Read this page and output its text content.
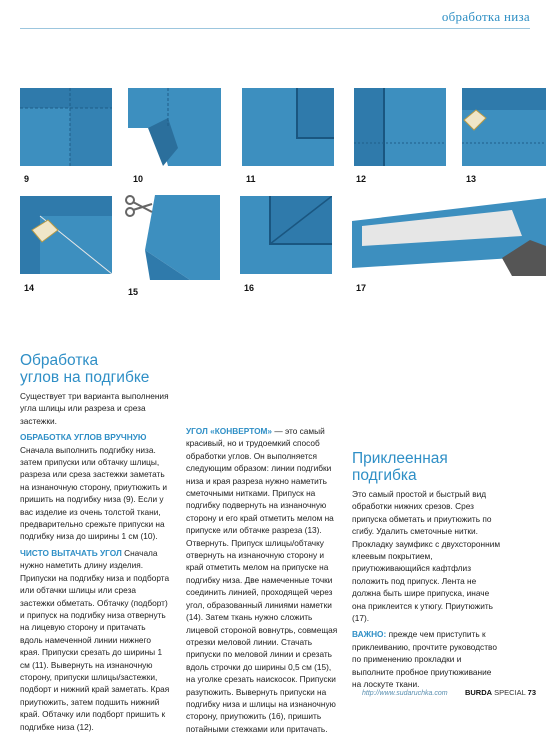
обработка низа
9	10	11	12	13
14	15	16	17
Обработка
углов на подгибке

Существует три варианта выполнения угла шлицы или разреза и среза застежки.

ОБРАБОТКА УГЛОВ ВРУЧНУЮ
Сначала выполнить подгибку низа. затем припуски или обтачку шлицы, разреза или среза застежки заметать на изнаночную сторону, приутюжить и пришить на подгибку низа (9). Если у вас изделие из очень толстой ткани, предварительно срежьте припуски на подгибку низа до ширины 1 см (10).

ЧИСТО ВЫТАЧАТЬ УГОЛ Сначала нужно наметить длину изделия. Припуски на подгибку низа и подборта или обтачки шлицы или среза застежки обметать. Обтачку (подборт) и припуск на подгибку низа отвернуть на лицевую сторону и притачать вдоль намеченной линии нижнего края. Припуски срезать до ширины 1 см (11). Вывернуть на изнаночную сторону, припуски шлицы/застежки, подборт и нижний край заметать. Края приутюжить, затем подшить нижний край. Обтачку или подборт пришить к подгибке низа (12).

УГОЛ «КОНВЕРТОМ» — это самый красивый, но и трудоемкий способ обработки углов. Он выполняется следующим образом: линии подгибки низа и края разреза нужно наметить сметочными нитками. Припуск на подгибку подвернуть на изнаночную сторону и его край отметить мелом на припуске или обтачке разреза (13). Отвернуть. Припуск шлицы/обтачку отвернуть на изнаночную сторону и край отметить мелом на припуске на подгибку низа. Две намеченные точки соединить линией, проходящей через угол, образованный линиями наметки (14). Затем ткань нужно сложить лицевой стороной вовнутрь, совмещая отрезки меловой линии. Стачать припуски по меловой линии и срезать вдоль строчки до ширины 0,5 см (15), на уголке срезать наискосок. Припуски разутюжить. Вывернуть припуски на подгибку низа и шлицы на изнаночную сторону, приутюжить (16), пришить потайными стежками или притачать.

Приклеенная
подгибка

Это самый простой и быстрый вид обработки нижних срезов. Срез припуска обметать и приутюжить по сгибу. Удалить сметочные нитки. Прокладку заумфикс с двухсторонним клеевым покрытием, приутюживающийся кафтфлиз положить под припуск. Лента не должна быть шире припуска, иначе она приклеится к утюгу. Приутюжить (17).

ВАЖНО: прежде чем приступить к приклеиванию, прочтите руководство по применению прокладки и выполните пробное приутюживание на лоскуте ткани.

http://www.sudaruchka.com BURDA SPECIAL 73
